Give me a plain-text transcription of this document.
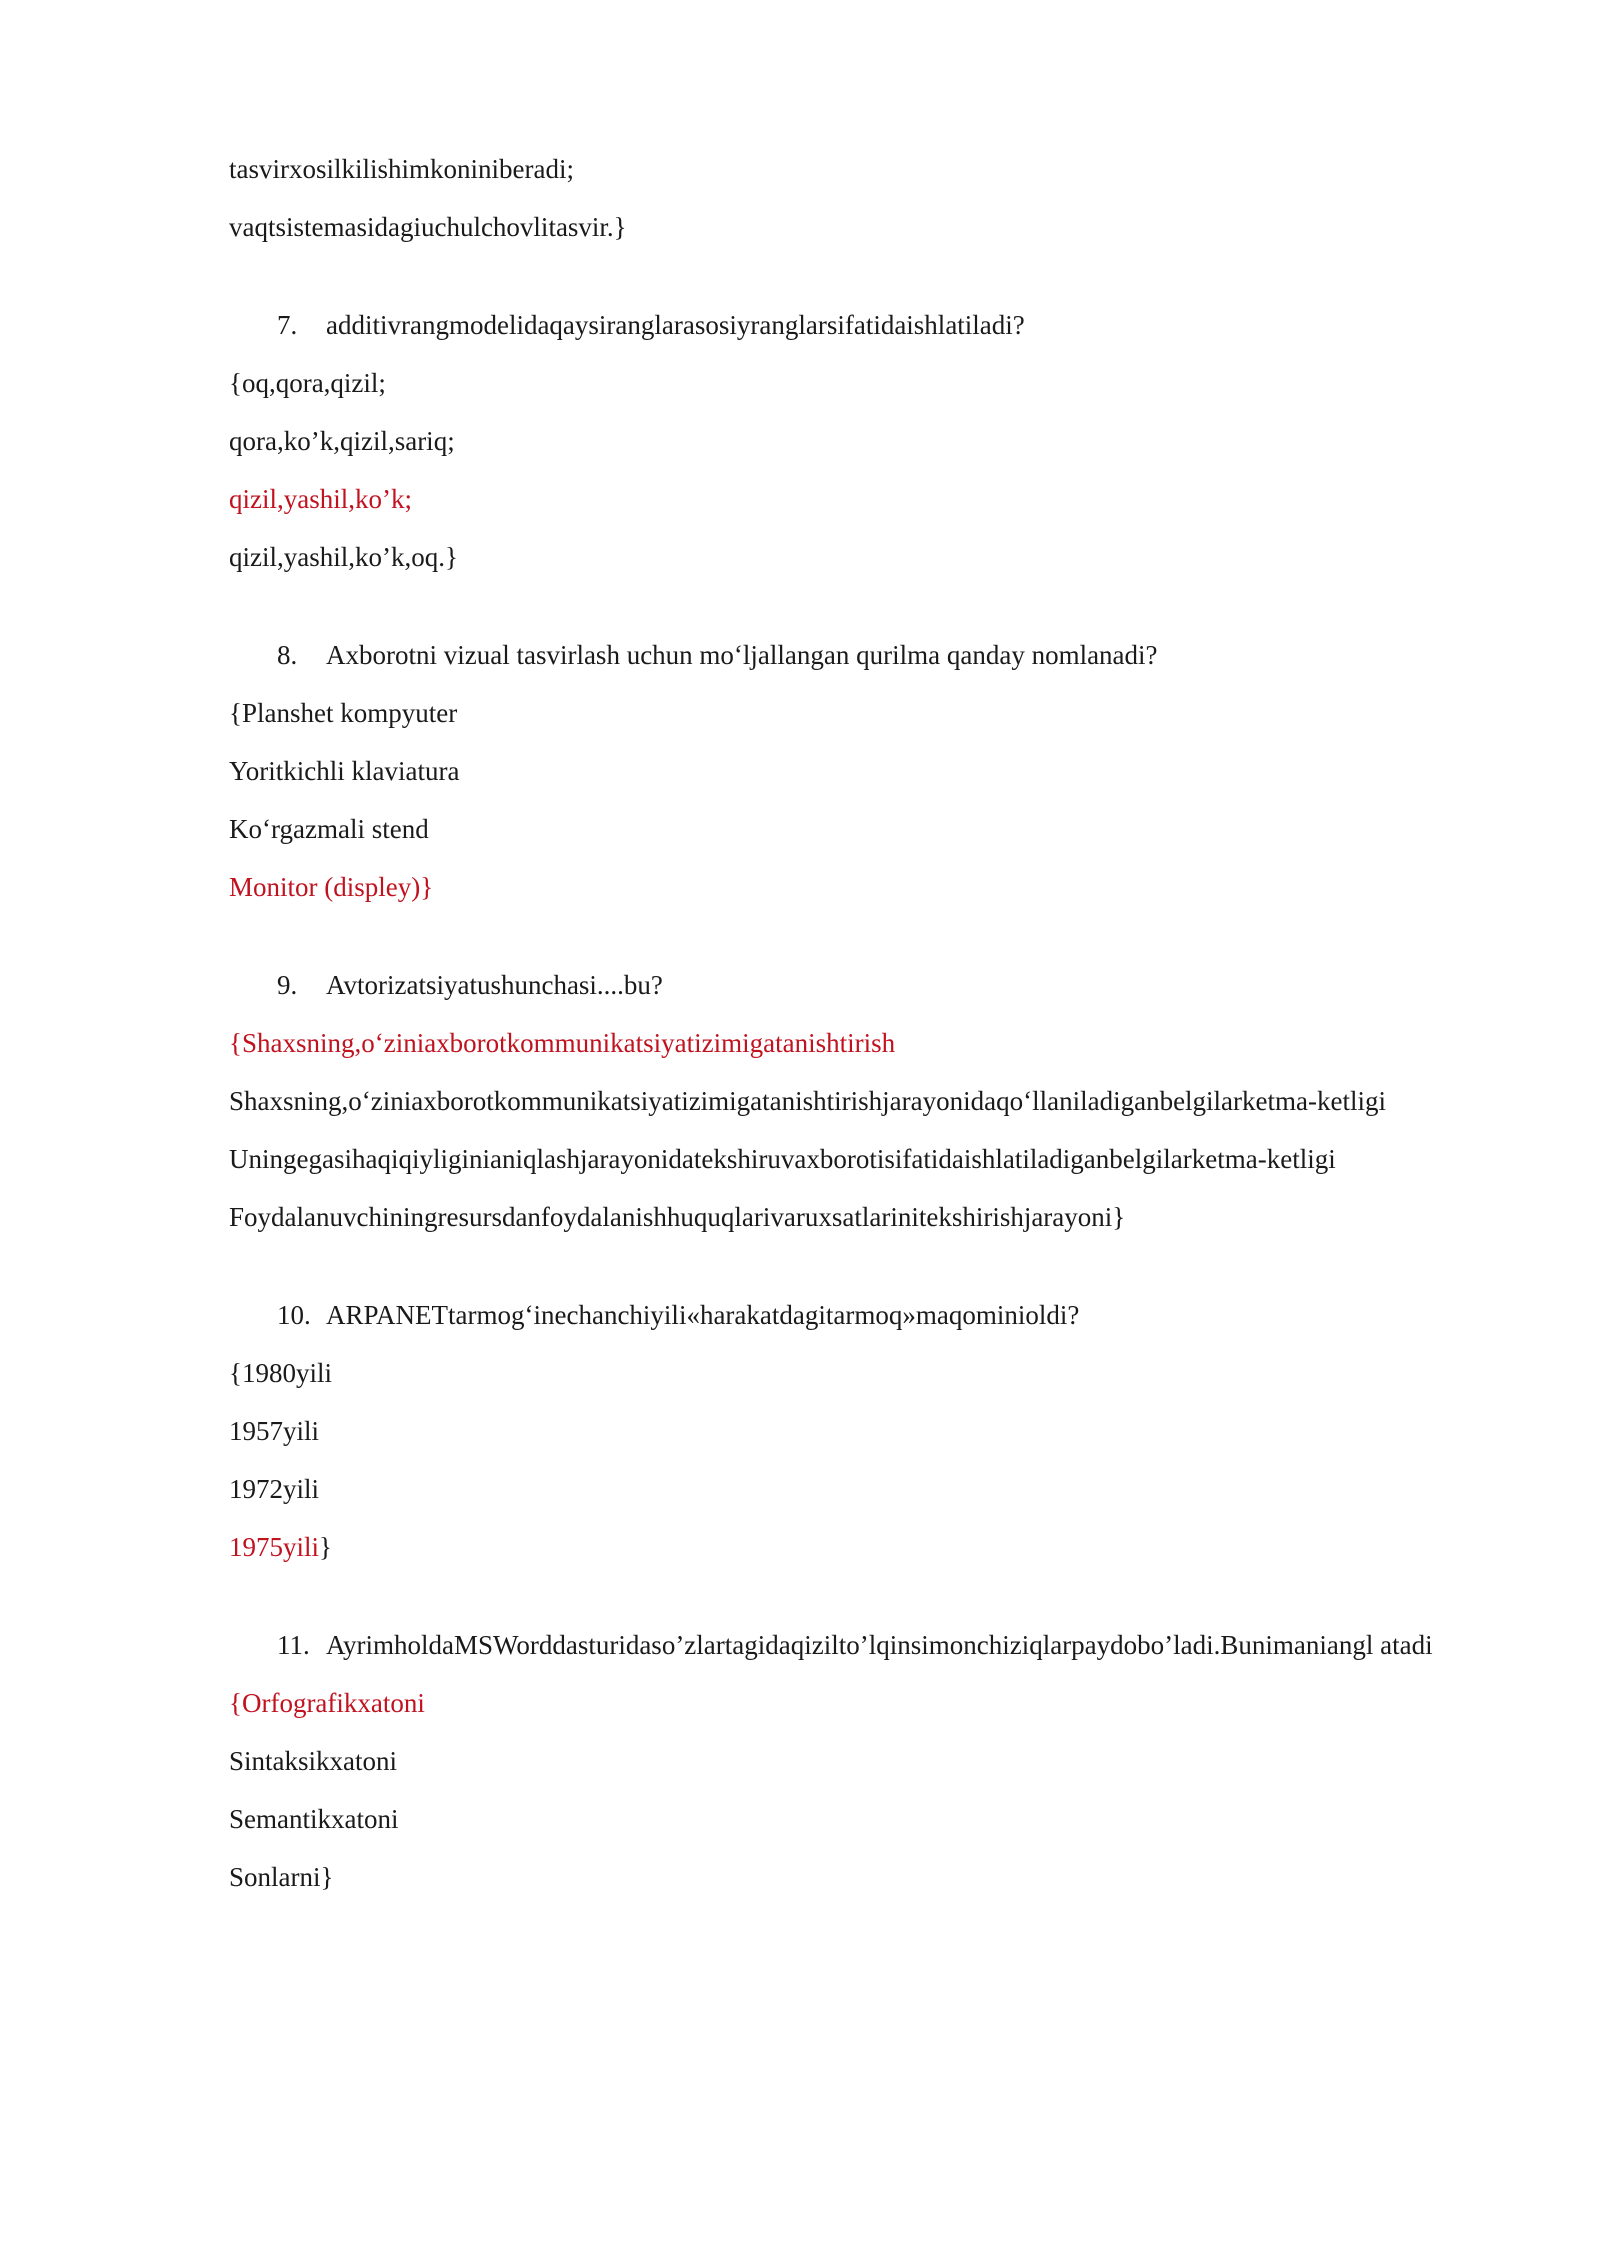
tasvirxosilkilishimkoniniberadi;

vaqtsistemasidagiuchulchovlitasvir.}

7. additivrangmodelidaqaysiranglarasosiyranglarsifatidaishlatiladi?

{oq,qora,qizil;

qora,ko’k,qizil,sariq;

qizil,yashil,ko’k;

qizil,yashil,ko’k,oq.}

8. Axborotni vizual tasvirlash uchun mo‘ljallangan qurilma qanday nomlanadi?

{Planshet kompyuter

Yoritkichli klaviatura

Ko‘rgazmali stend

Monitor (displey)}

9. Avtorizatsiyatushunchasi....bu?

{Shaxsning,o‘ziniaxborotkommunikatsiyatizimigatanishtirish

Shaxsning,o‘ziniaxborotkommunikatsiyatizimigatanishtirishjarayonidaqo‘llaniladiganbelgilarketma-ketligi

Uningegasihaqiqiyliginianiqlashjarayonidatekshiruvaxborotisifatidaishlatiladiganbelgilarketma-ketligi

Foydalanuvchiningresursdanfoydalanishhuquqlarivaruxsatlarinitekshirishjarayoni}

10. ARPANETtarmog‘inechanchiyili«harakatdagitarmoq»maqominioldi?

{1980yili

1957yili

1972yili

1975yili}

11. AyrimholdaMSWorddasturidaso’zlartagidaqizilto’lqinsimonchiziqlarpaydobo’ladi.Bunimaniangl atadi

{Orfografikxatoni

Sintaksikxatoni

Semantikxatoni

Sonlarni}
